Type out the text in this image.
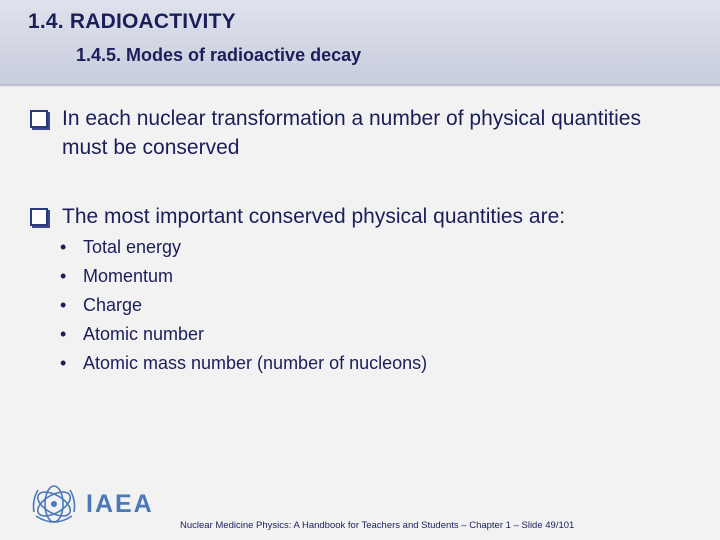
1.4. RADIOACTIVITY
1.4.5. Modes of radioactive decay
In each nuclear transformation a number of physical quantities must be conserved
The most important conserved physical quantities are:
• Total energy
• Momentum
• Charge
• Atomic number
• Atomic mass number (number of nucleons)
IAEA
Nuclear Medicine Physics: A Handbook for Teachers and Students – Chapter 1 – Slide 49/101
